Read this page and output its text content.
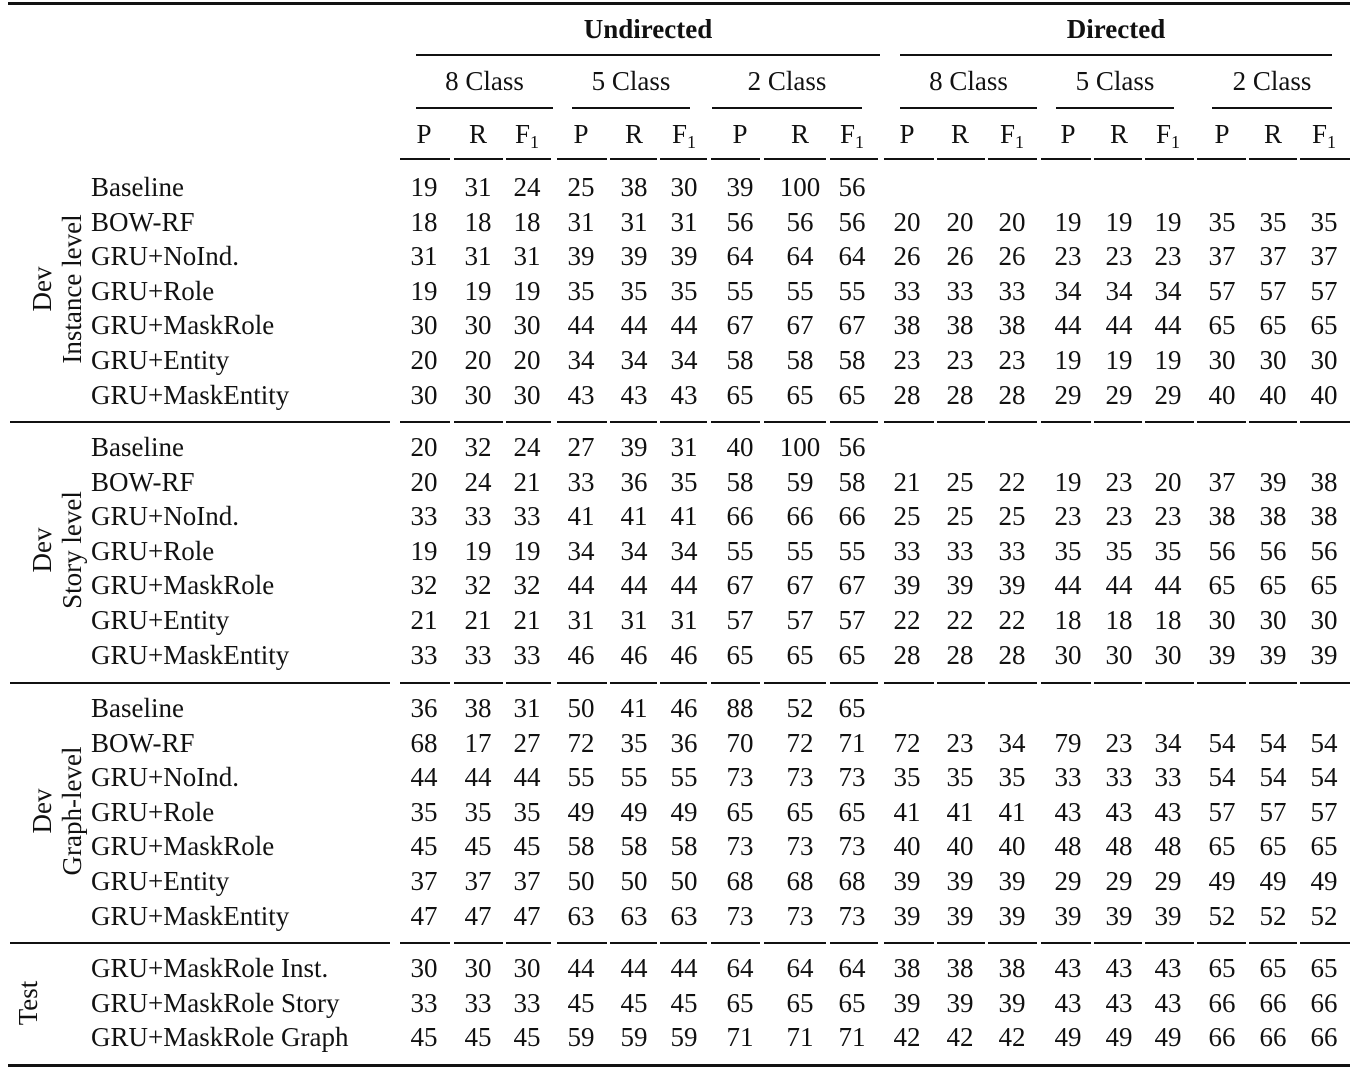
Undirected	Directed
8 Class	5 Class	2 Class	8 Class	5 Class	2 Class
P R $F_1$ P R $F_1$ P R $F_1$ P R $F_1$ P R $F_1$ P R $F_1$
Dev Instance level
Baseline	19 31 24 25 38 30 39 100 56
BOW-RF	18 18 18 31 31 31 56 56 56 20 20 20 19 19 19 35 35 35
GRU+NoInd.	31 31 31 39 39 39 64 64 64 26 26 26 23 23 23 37 37 37
GRU+Role	19 19 19 35 35 35 55 55 55 33 33 33 34 34 34 57 57 57
GRU+MaskRole	30 30 30 44 44 44 67 67 67 38 38 38 44 44 44 65 65 65
GRU+Entity	20 20 20 34 34 34 58 58 58 23 23 23 19 19 19 30 30 30
GRU+MaskEntity	30 30 30 43 43 43 65 65 65 28 28 28 29 29 29 40 40 40
Dev Story level
Baseline	20 32 24 27 39 31 40 100 56
BOW-RF	20 24 21 33 36 35 58 59 58 21 25 22 19 23 20 37 39 38
GRU+NoInd.	33 33 33 41 41 41 66 66 66 25 25 25 23 23 23 38 38 38
GRU+Role	19 19 19 34 34 34 55 55 55 33 33 33 35 35 35 56 56 56
GRU+MaskRole	32 32 32 44 44 44 67 67 67 39 39 39 44 44 44 65 65 65
GRU+Entity	21 21 21 31 31 31 57 57 57 22 22 22 18 18 18 30 30 30
GRU+MaskEntity	33 33 33 46 46 46 65 65 65 28 28 28 30 30 30 39 39 39
Dev Graph-level
Baseline	36 38 31 50 41 46 88 52 65
BOW-RF	68 17 27 72 35 36 70 72 71 72 23 34 79 23 34 54 54 54
GRU+NoInd.	44 44 44 55 55 55 73 73 73 35 35 35 33 33 33 54 54 54
GRU+Role	35 35 35 49 49 49 65 65 65 41 41 41 43 43 43 57 57 57
GRU+MaskRole	45 45 45 58 58 58 73 73 73 40 40 40 48 48 48 65 65 65
GRU+Entity	37 37 37 50 50 50 68 68 68 39 39 39 29 29 29 49 49 49
GRU+MaskEntity	47 47 47 63 63 63 73 73 73 39 39 39 39 39 39 52 52 52
Test
GRU+MaskRole Inst.	30 30 30 44 44 44 64 64 64 38 38 38 43 43 43 65 65 65
GRU+MaskRole Story	33 33 33 45 45 45 65 65 65 39 39 39 43 43 43 66 66 66
GRU+MaskRole Graph 45 45 45 59 59 59 71 71 71 42 42 42 49 49 49 66 66 66
